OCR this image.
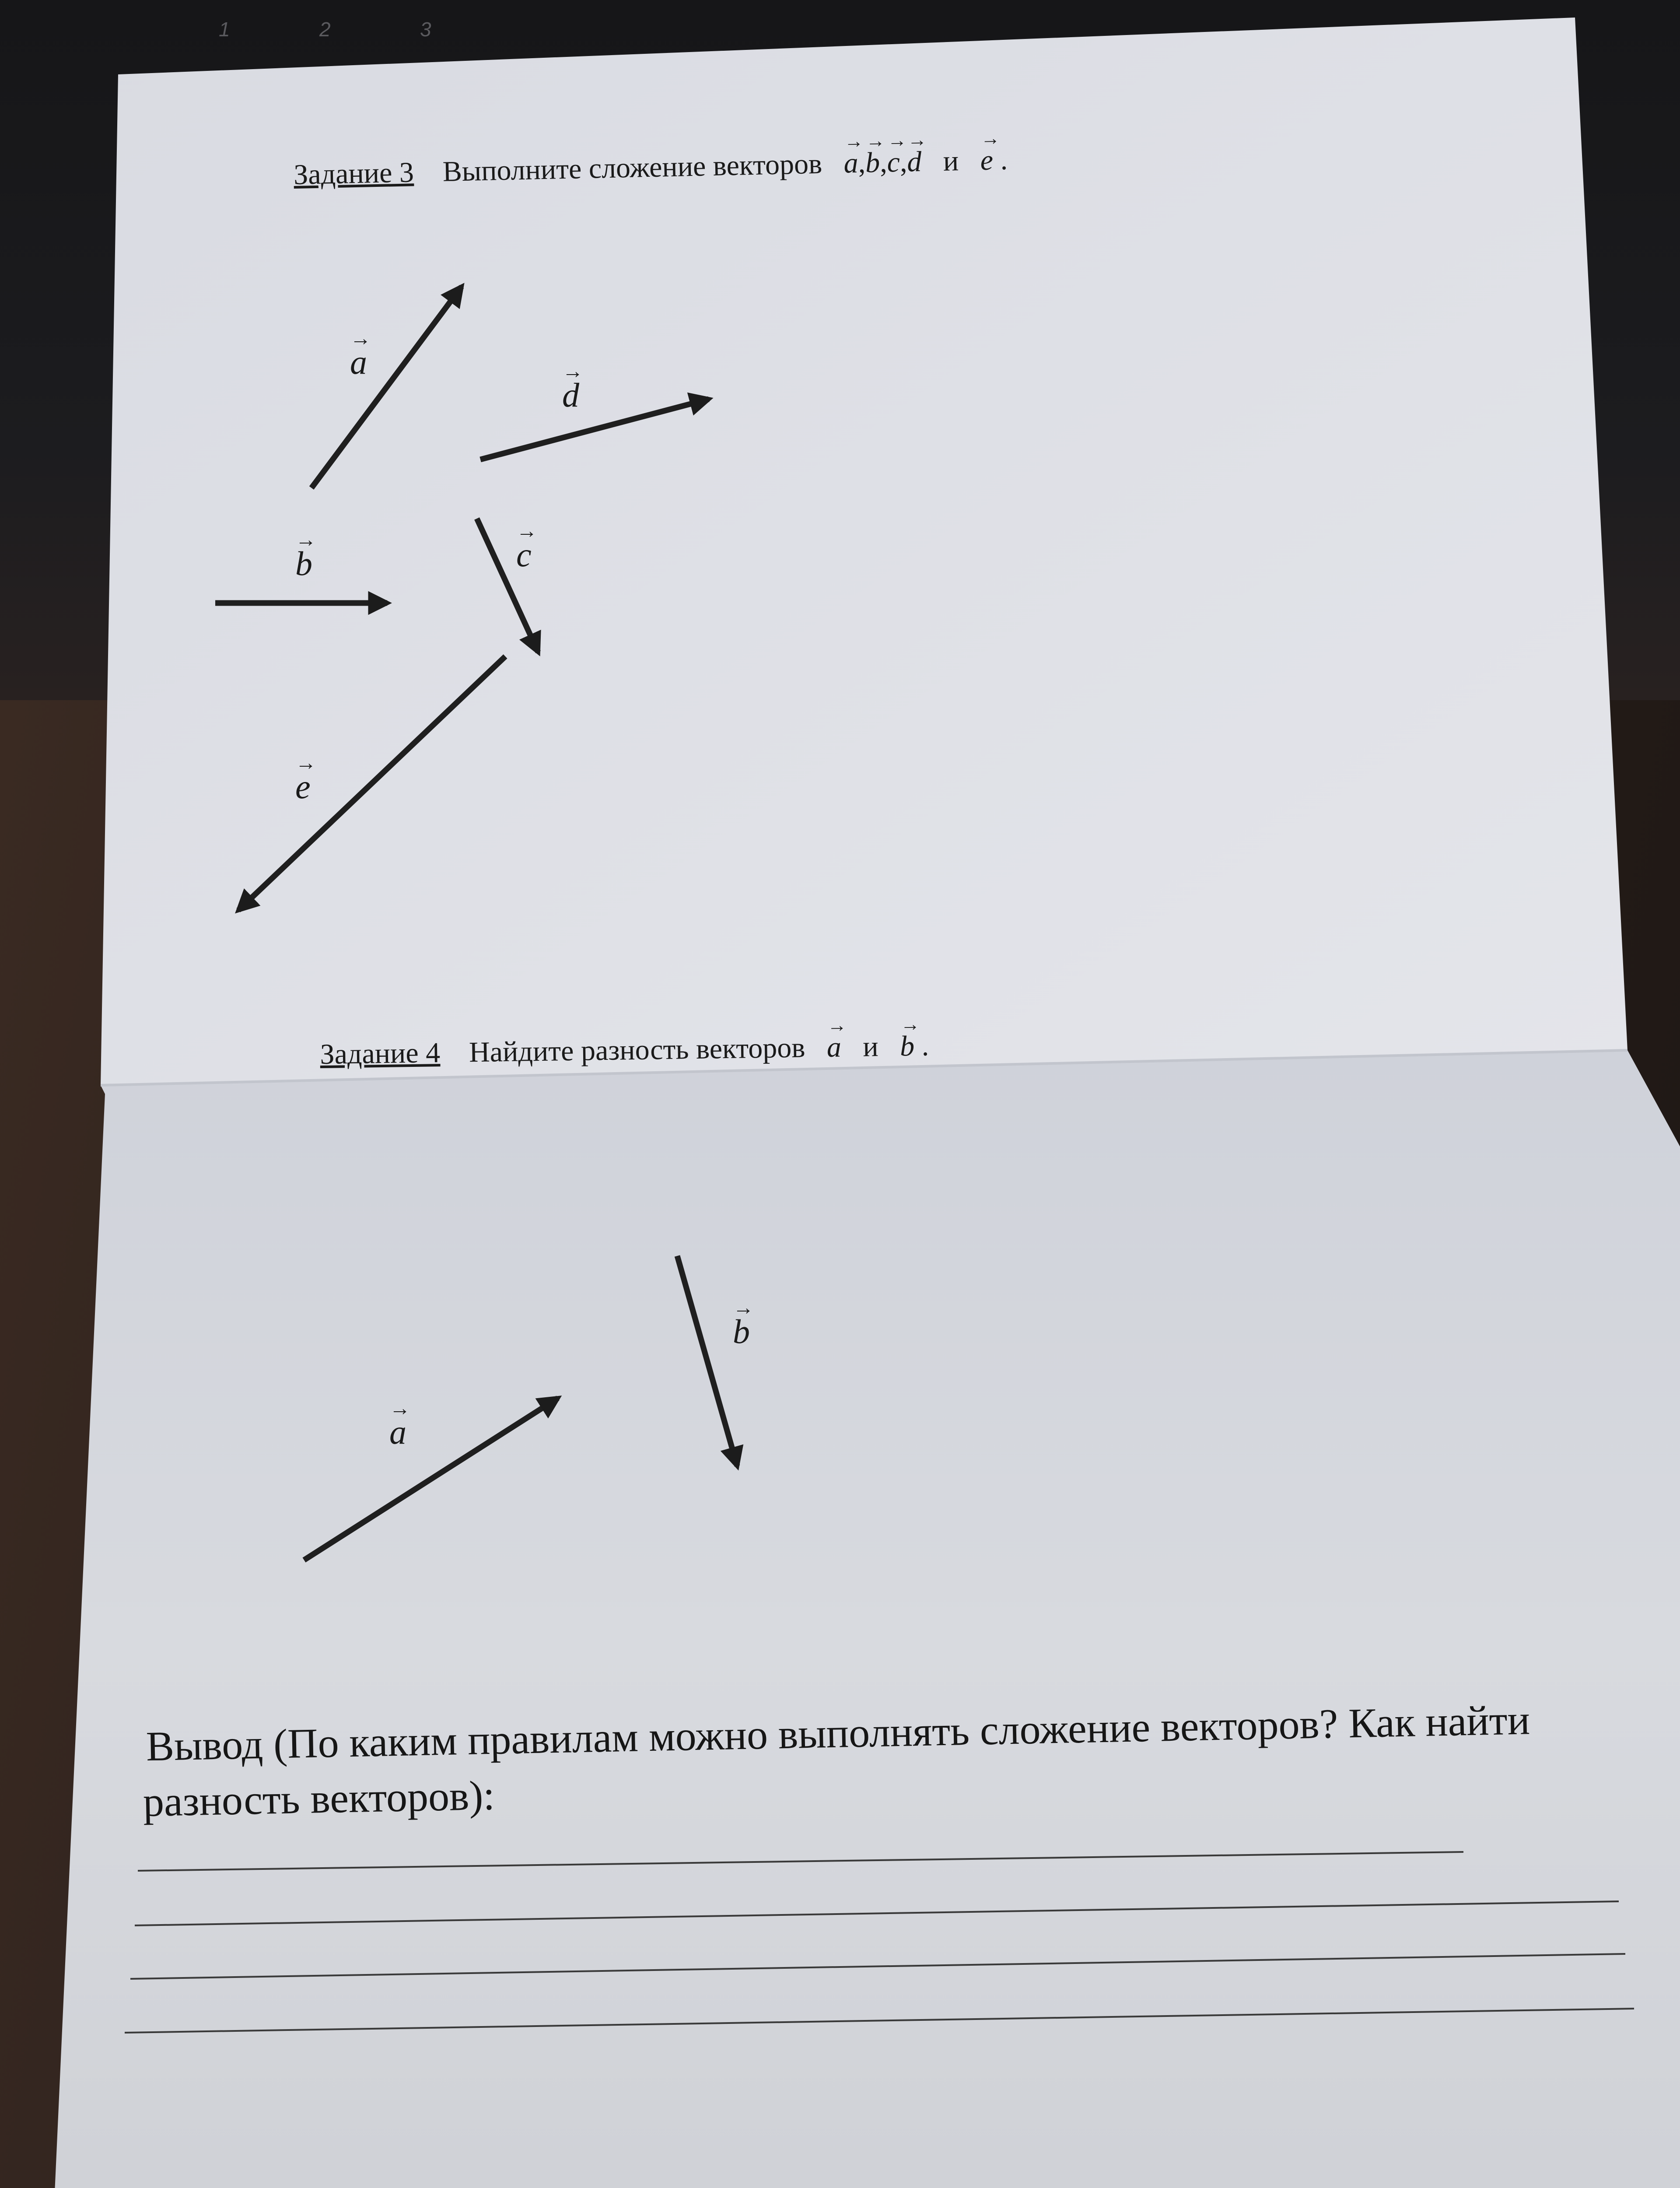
1	2	3
Задание 3 Выполните сложение векторов
→
a,
→
b,
→
c,
→
d и
→
e .
→
a	→
d
→
b
→
c
→
e
Задание 4 Найдите разность векторов
→
a и
→
b .
→
b
→
a
Вывод (По каким правилам можно выполнять сложение векторов? Как найти
разность векторов):
